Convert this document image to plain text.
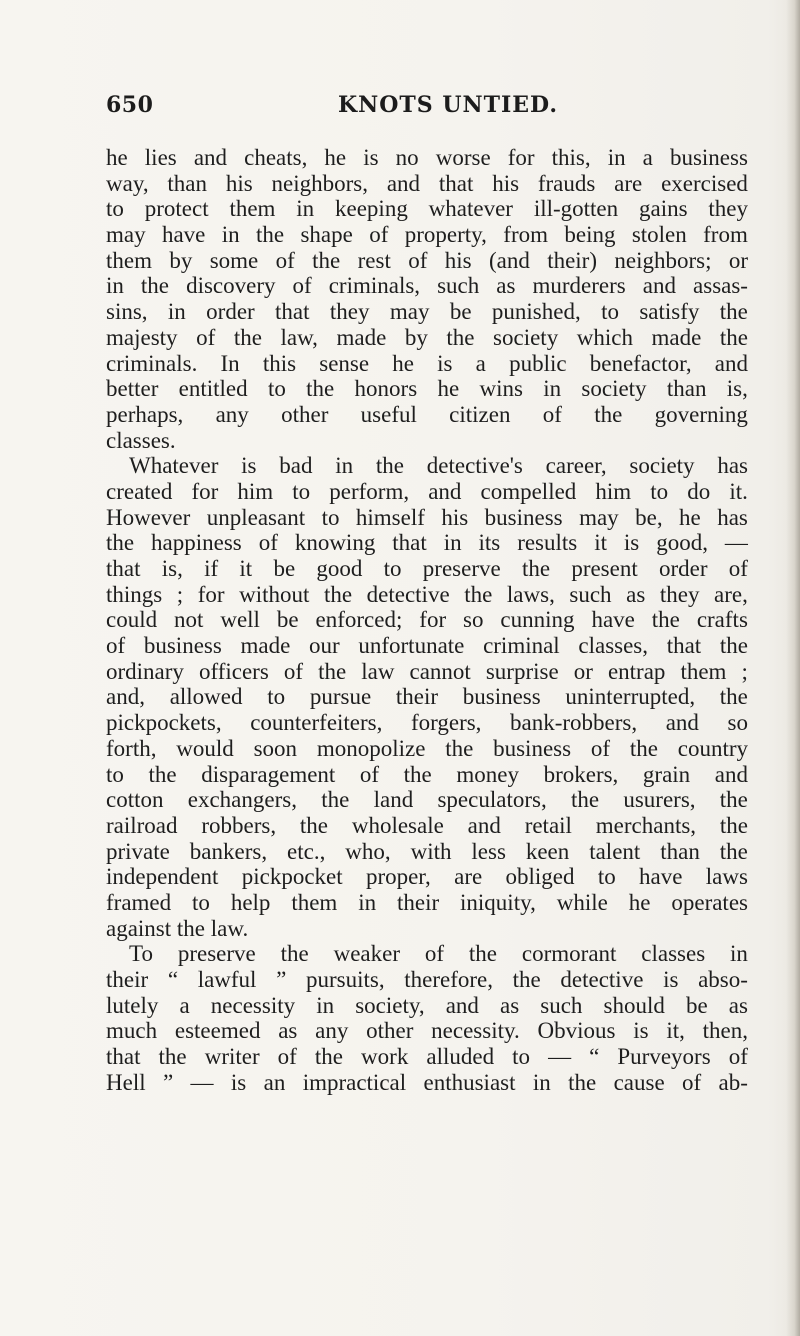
650	KNOTS UNTIED.
he lies and cheats, he is no worse for this, in a business
way, than his neighbors, and that his frauds are exercised
to protect them in keeping whatever ill-gotten gains they
may have in the shape of property, from being stolen from
them by some of the rest of his (and their) neighbors; or
in the discovery of criminals, such as murderers and assas-
sins, in order that they may be punished, to satisfy the
majesty of the law, made by the society which made the
criminals. In this sense he is a public benefactor, and
better entitled to the honors he wins in society than is,
perhaps, any other useful citizen of the governing
classes.
Whatever is bad in the detective's career, society has
created for him to perform, and compelled him to do it.
However unpleasant to himself his business may be, he has
the happiness of knowing that in its results it is good, —
that is, if it be good to preserve the present order of
things ; for without the detective the laws, such as they are,
could not well be enforced; for so cunning have the crafts
of business made our unfortunate criminal classes, that the
ordinary officers of the law cannot surprise or entrap them ;
and, allowed to pursue their business uninterrupted, the
pickpockets, counterfeiters, forgers, bank-robbers, and so
forth, would soon monopolize the business of the country
to the disparagement of the money brokers, grain and
cotton exchangers, the land speculators, the usurers, the
railroad robbers, the wholesale and retail merchants, the
private bankers, etc., who, with less keen talent than the
independent pickpocket proper, are obliged to have laws
framed to help them in their iniquity, while he operates
against the law.
To preserve the weaker of the cormorant classes in
their “ lawful ” pursuits, therefore, the detective is abso-
lutely a necessity in society, and as such should be as
much esteemed as any other necessity. Obvious is it, then,
that the writer of the work alluded to — “ Purveyors of
Hell ” — is an impractical enthusiast in the cause of ab-
